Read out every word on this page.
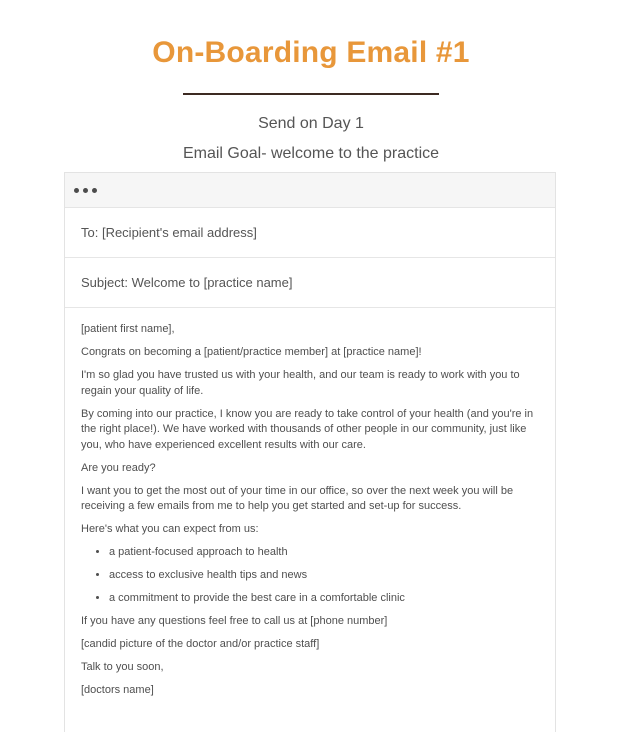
On-Boarding Email #1
Send on Day 1
Email Goal- welcome to the practice
To: [Recipient's email address]
Subject: Welcome to [practice name]

[patient first name],

Congrats on becoming a [patient/practice member] at [practice name]!

I'm so glad you have trusted us with your health, and our team is ready to work with you to regain your quality of life.

By coming into our practice, I know you are ready to take control of your health (and you're in the right place!). We have worked with thousands of other people in our community, just like you, who have experienced excellent results with our care.

Are you ready?

I want you to get the most out of your time in our office, so over the next week you will be receiving a few emails from me to help you get started and set-up for success.

Here's what you can expect from us:

• a patient-focused approach to health
• access to exclusive health tips and news
• a commitment to provide the best care in a comfortable clinic

If you have any questions feel free to call us at [phone number]

[candid picture of the doctor and/or practice staff]

Talk to you soon,

[doctors name]
